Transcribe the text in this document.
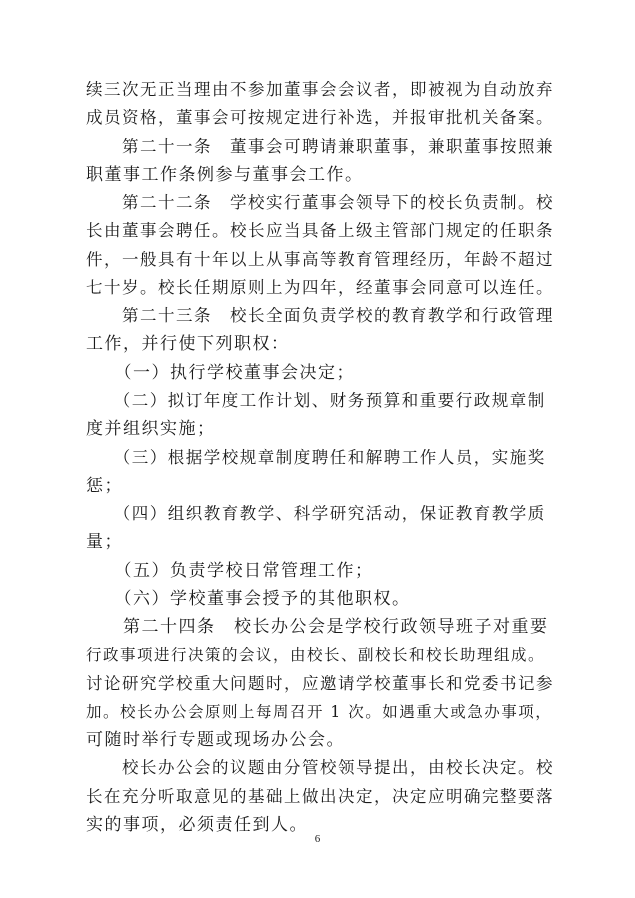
续三次无正当理由不参加董事会会议者，即被视为自动放弃
成员资格，董事会可按规定进行补选，并报审批机关备案。
　　第二十一条　董事会可聘请兼职董事，兼职董事按照兼
职董事工作条例参与董事会工作。
　　第二十二条　学校实行董事会领导下的校长负责制。校
长由董事会聘任。校长应当具备上级主管部门规定的任职条
件，一般具有十年以上从事高等教育管理经历，年龄不超过
七十岁。校长任期原则上为四年，经董事会同意可以连任。
　　第二十三条　校长全面负责学校的教育教学和行政管理
工作，并行使下列职权：
　　（一）执行学校董事会决定；
　　（二）拟订年度工作计划、财务预算和重要行政规章制
度并组织实施；
　　（三）根据学校规章制度聘任和解聘工作人员，实施奖
惩；
　　（四）组织教育教学、科学研究活动，保证教育教学质
量；
　　（五）负责学校日常管理工作；
　　（六）学校董事会授予的其他职权。
　　第二十四条　校长办公会是学校行政领导班子对重要
行政事项进行决策的会议，由校长、副校长和校长助理组成。
讨论研究学校重大问题时，应邀请学校董事长和党委书记参
加。校长办公会原则上每周召开 1 次。如遇重大或急办事项，
可随时举行专题或现场办公会。
　　校长办公会的议题由分管校领导提出，由校长决定。校
长在充分听取意见的基础上做出决定，决定应明确完整要落
实的事项，必须责任到人。
6
